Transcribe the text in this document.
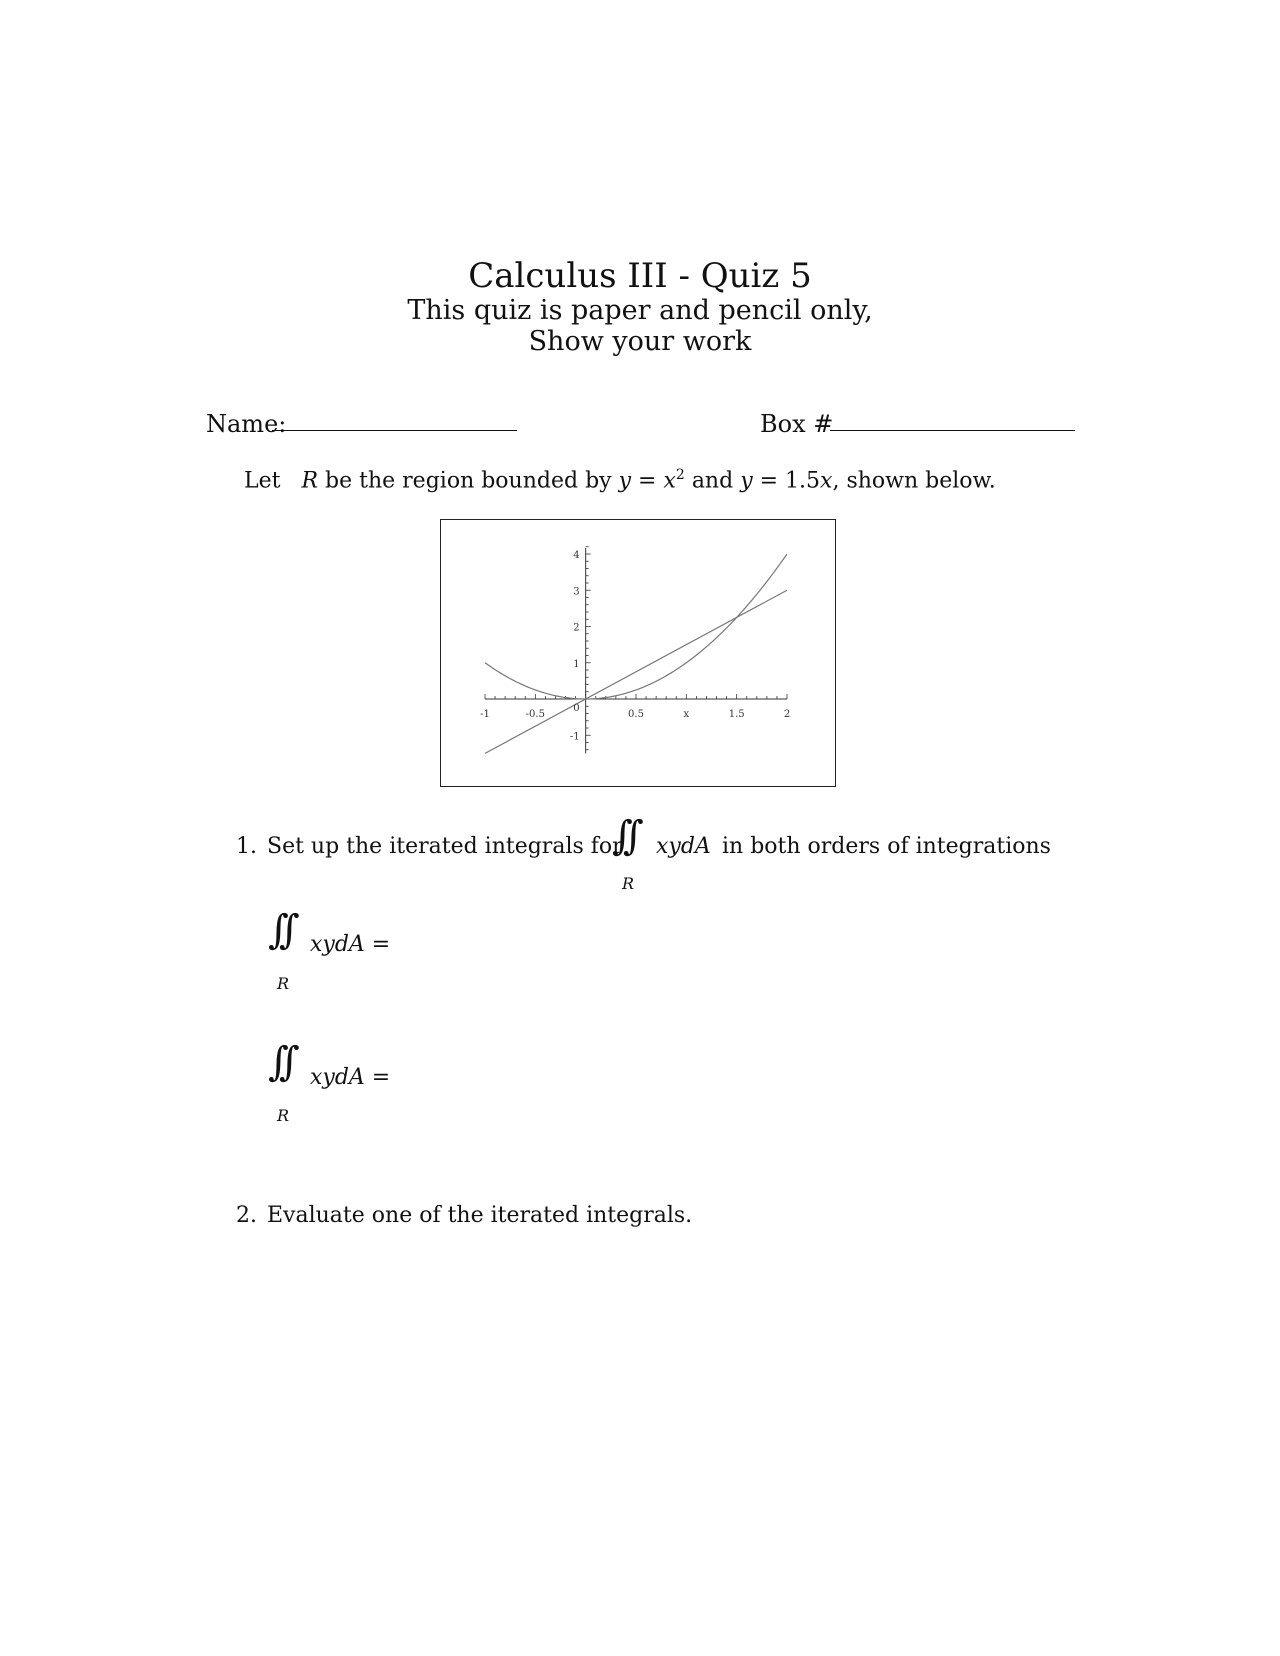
Calculus III - Quiz 5
This quiz is paper and pencil only,
Show your work
Name:	Box #
Let R be the region bounded by $y = x^2$ and y = 1.5x, shown below.
-1	-0.5	0.5	x	1.5	2
4
3
2
1
0
-1
1. Set up the iterated integrals for
∫∫
R
xydA in both orders of integrations
∫∫
R
xydA =
∫∫
R
xydA =
2. Evaluate one of the iterated integrals.
